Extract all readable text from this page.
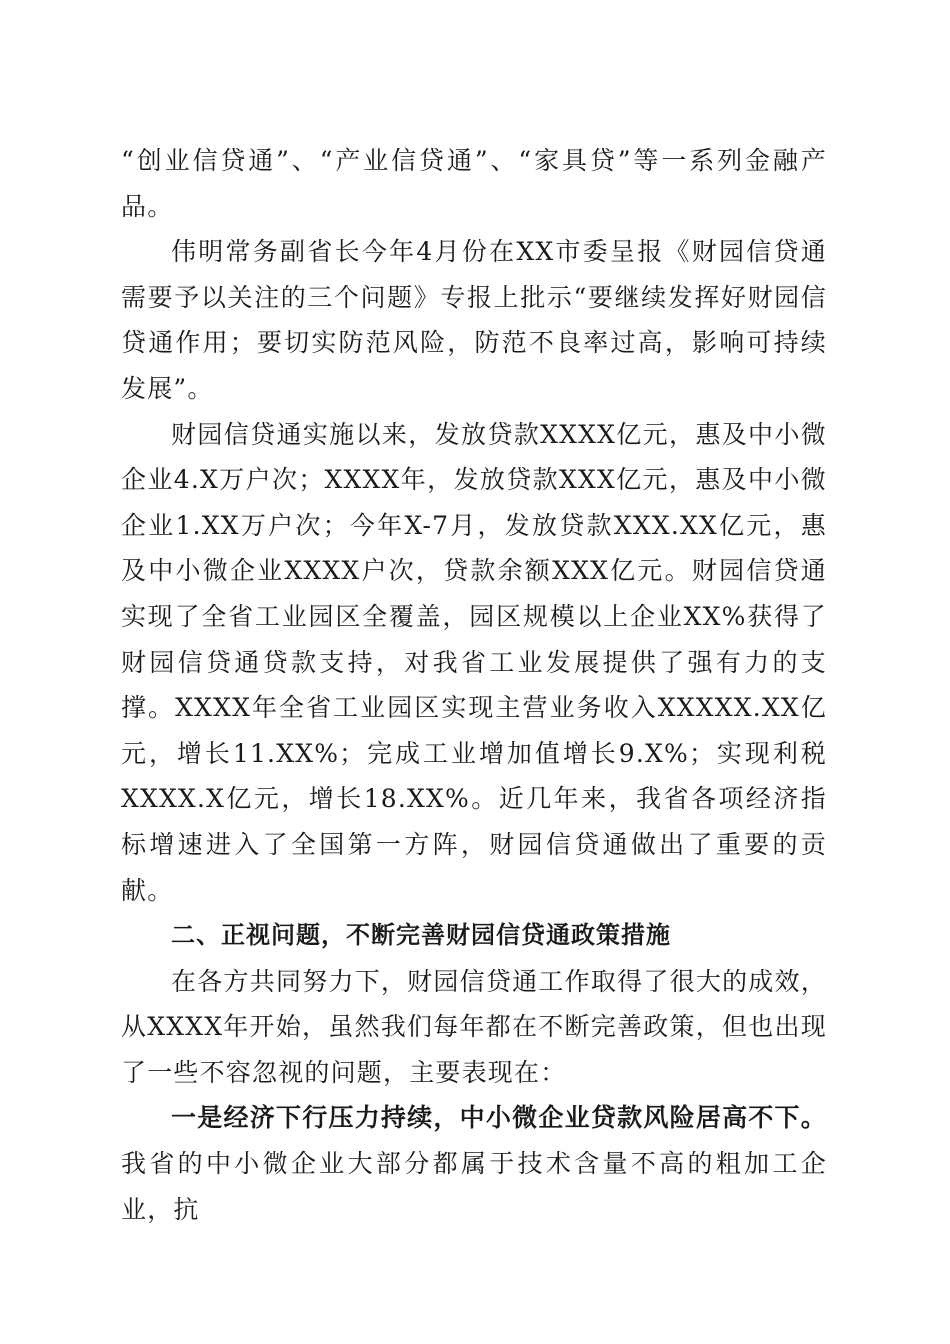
“创业信贷通”、“产业信贷通”、“家具贷”等一系列金融产品。

伟明常务副省长今年4月份在XX市委呈报《财园信贷通需要予以关注的三个问题》专报上批示“要继续发挥好财园信贷通作用；要切实防范风险，防范不良率过高，影响可持续发展”。

财园信贷通实施以来，发放贷款XXXX亿元，惠及中小微企业4.X万户次；XXXX年，发放贷款XXX亿元，惠及中小微企业1.XX万户次；今年X-7月，发放贷款XXX.XX亿元，惠及中小微企业XXXX户次，贷款余额XXX亿元。财园信贷通实现了全省工业园区全覆盖，园区规模以上企业XX%获得了财园信贷通贷款支持，对我省工业发展提供了强有力的支撑。XXXX年全省工业园区实现主营业务收入XXXXX.XX亿元，增长11.XX%；完成工业增加值增长9.X%；实现利税XXXX.X亿元，增长18.XX%。近几年来，我省各项经济指标增速进入了全国第一方阵，财园信贷通做出了重要的贡献。

二、正视问题，不断完善财园信贷通政策措施

在各方共同努力下，财园信贷通工作取得了很大的成效，从XXXX年开始，虽然我们每年都在不断完善政策，但也出现了一些不容忽视的问题，主要表现在：

一是经济下行压力持续，中小微企业贷款风险居高不下。我省的中小微企业大部分都属于技术含量不高的粗加工企业，抗
